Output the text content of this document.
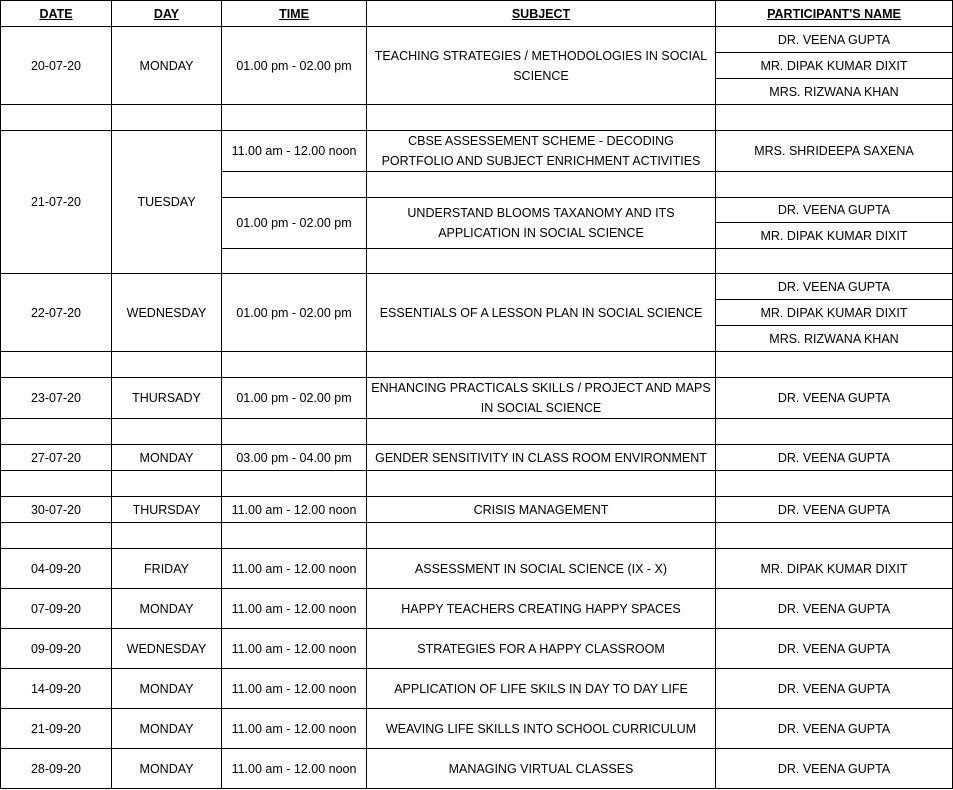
DATE	DAY	TIME	SUBJECT	PARTICIPANT'S NAME
20-07-20	MONDAY	01.00 pm - 02.00 pm	TEACHING STRATEGIES / METHODOLOGIES IN SOCIAL SCIENCE	DR. VEENA GUPTA
				MR. DIPAK KUMAR DIXIT
				MRS. RIZWANA KHAN

21-07-20	TUESDAY	11.00 am - 12.00 noon	CBSE ASSESSEMENT SCHEME - DECODING PORTFOLIO AND SUBJECT ENRICHMENT ACTIVITIES	MRS. SHRIDEEPA SAXENA

		01.00 pm - 02.00 pm	UNDERSTAND BLOOMS TAXANOMY AND ITS APPLICATION IN SOCIAL SCIENCE	DR. VEENA GUPTA
				MR. DIPAK KUMAR DIXIT

22-07-20	WEDNESDAY	01.00 pm - 02.00 pm	ESSENTIALS OF A LESSON PLAN IN SOCIAL SCIENCE	DR. VEENA GUPTA
				MR. DIPAK KUMAR DIXIT
				MRS. RIZWANA KHAN

23-07-20	THURSADY	01.00 pm - 02.00 pm	ENHANCING PRACTICALS SKILLS / PROJECT AND MAPS IN SOCIAL SCIENCE	DR. VEENA GUPTA

27-07-20	MONDAY	03.00 pm - 04.00 pm	GENDER SENSITIVITY IN CLASS ROOM ENVIRONMENT	DR. VEENA GUPTA

30-07-20	THURSDAY	11.00 am - 12.00 noon	CRISIS MANAGEMENT	DR. VEENA GUPTA

04-09-20	FRIDAY	11.00 am - 12.00 noon	ASSESSMENT IN SOCIAL SCIENCE (IX - X)	MR. DIPAK KUMAR DIXIT
07-09-20	MONDAY	11.00 am - 12.00 noon	HAPPY TEACHERS CREATING HAPPY SPACES	DR. VEENA GUPTA
09-09-20	WEDNESDAY	11.00 am - 12.00 noon	STRATEGIES FOR A HAPPY CLASSROOM	DR. VEENA GUPTA
14-09-20	MONDAY	11.00 am - 12.00 noon	APPLICATION OF LIFE SKILS IN DAY TO DAY LIFE	DR. VEENA GUPTA
21-09-20	MONDAY	11.00 am - 12.00 noon	WEAVING LIFE SKILLS INTO SCHOOL CURRICULUM	DR. VEENA GUPTA
28-09-20	MONDAY	11.00 am - 12.00 noon	MANAGING VIRTUAL CLASSES	DR. VEENA GUPTA
